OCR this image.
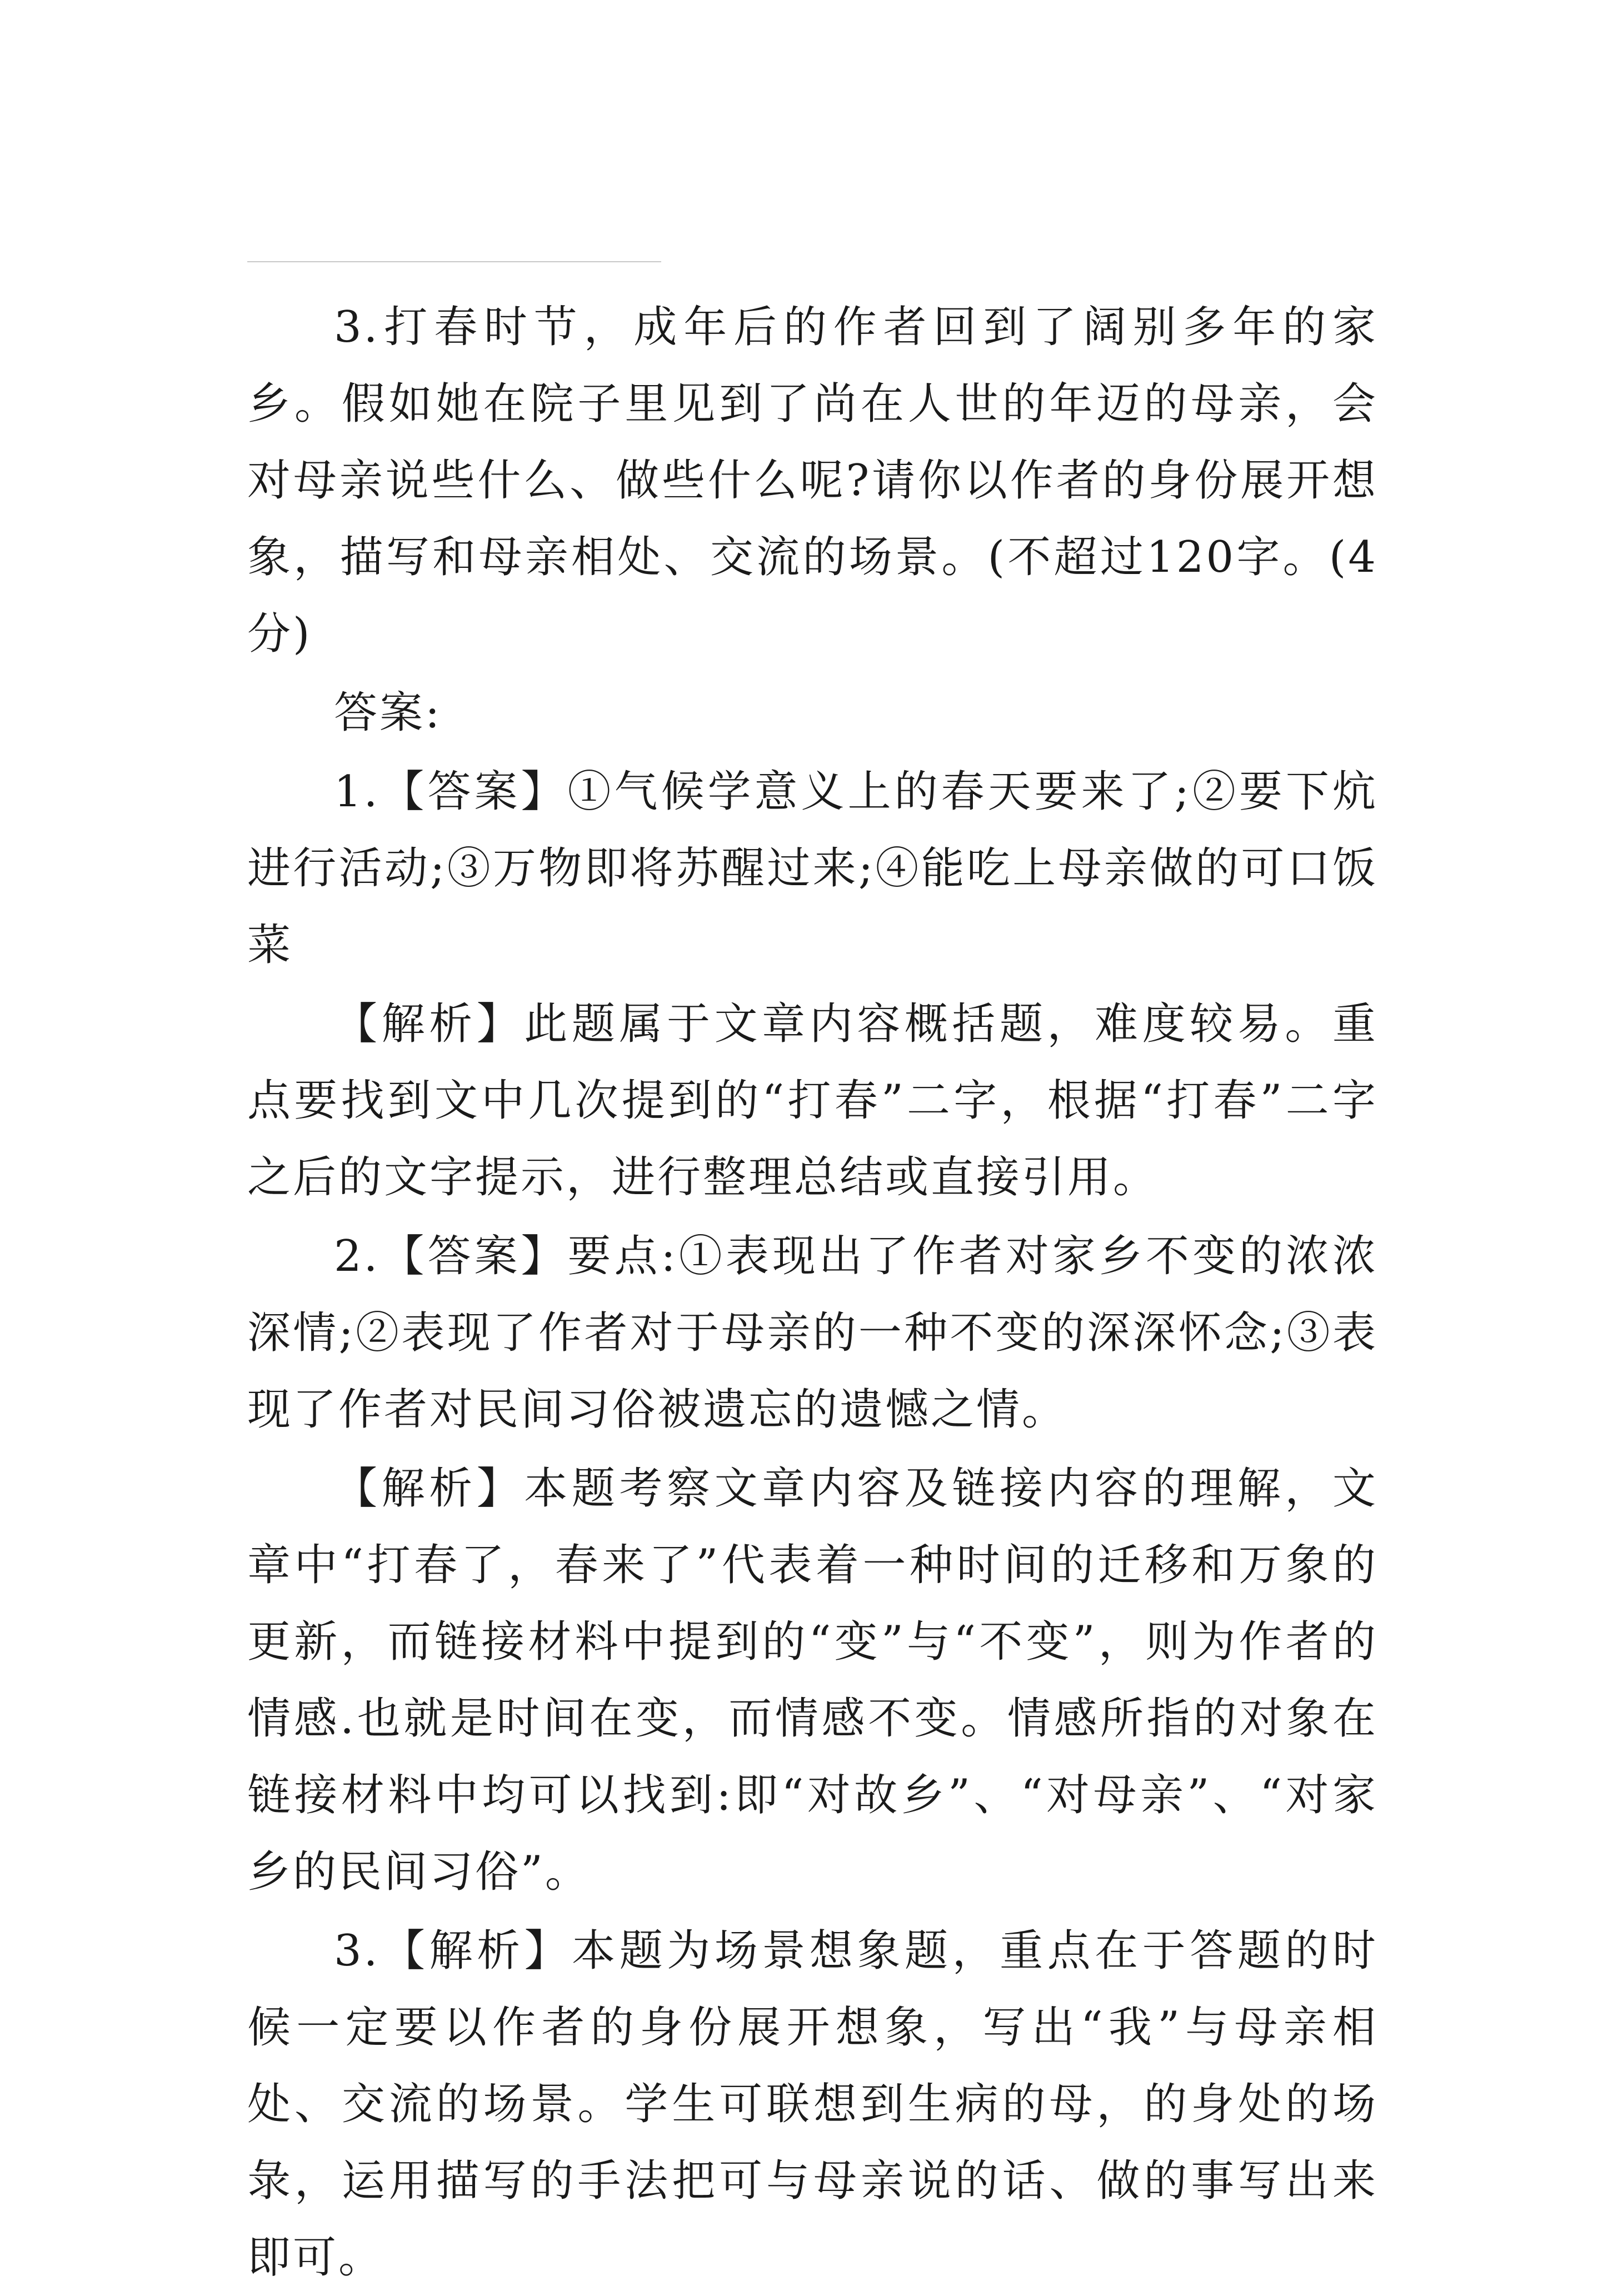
3.打春时节，成年后的作者回到了阔别多年的家乡。假如她在院子里见到了尚在人世的年迈的母亲，会对母亲说些什么、做些什么呢?请你以作者的身份展开想象，描写和母亲相处、交流的场景。(不超过120字。(4分)

答案:

1.【答案】①气候学意义上的春天要来了;②要下炕进行活动;③万物即将苏醒过来;④能吃上母亲做的可口饭菜

【解析】此题属于文章内容概括题，难度较易。重点要找到文中几次提到的“打春”二字，根据“打春”二字之后的文字提示，进行整理总结或直接引用。

2.【答案】要点:①表现出了作者对家乡不变的浓浓深情;②表现了作者对于母亲的一种不变的深深怀念;③表现了作者对民间习俗被遗忘的遗憾之情。

【解析】本题考察文章内容及链接内容的理解，文章中“打春了，春来了”代表着一种时间的迁移和万象的更新，而链接材料中提到的“变”与“不变”，则为作者的情感.也就是时间在变，而情感不变。情感所指的对象在链接材料中均可以找到:即“对故乡”、“对母亲”、“对家乡的民间习俗”。

3.【解析】本题为场景想象题，重点在于答题的时候一定要以作者的身份展开想象，写出“我”与母亲相处、交流的场景。学生可联想到生病的母，的身处的场彔，运用描写的手法把可与母亲说的话、做的事写出来即可。
